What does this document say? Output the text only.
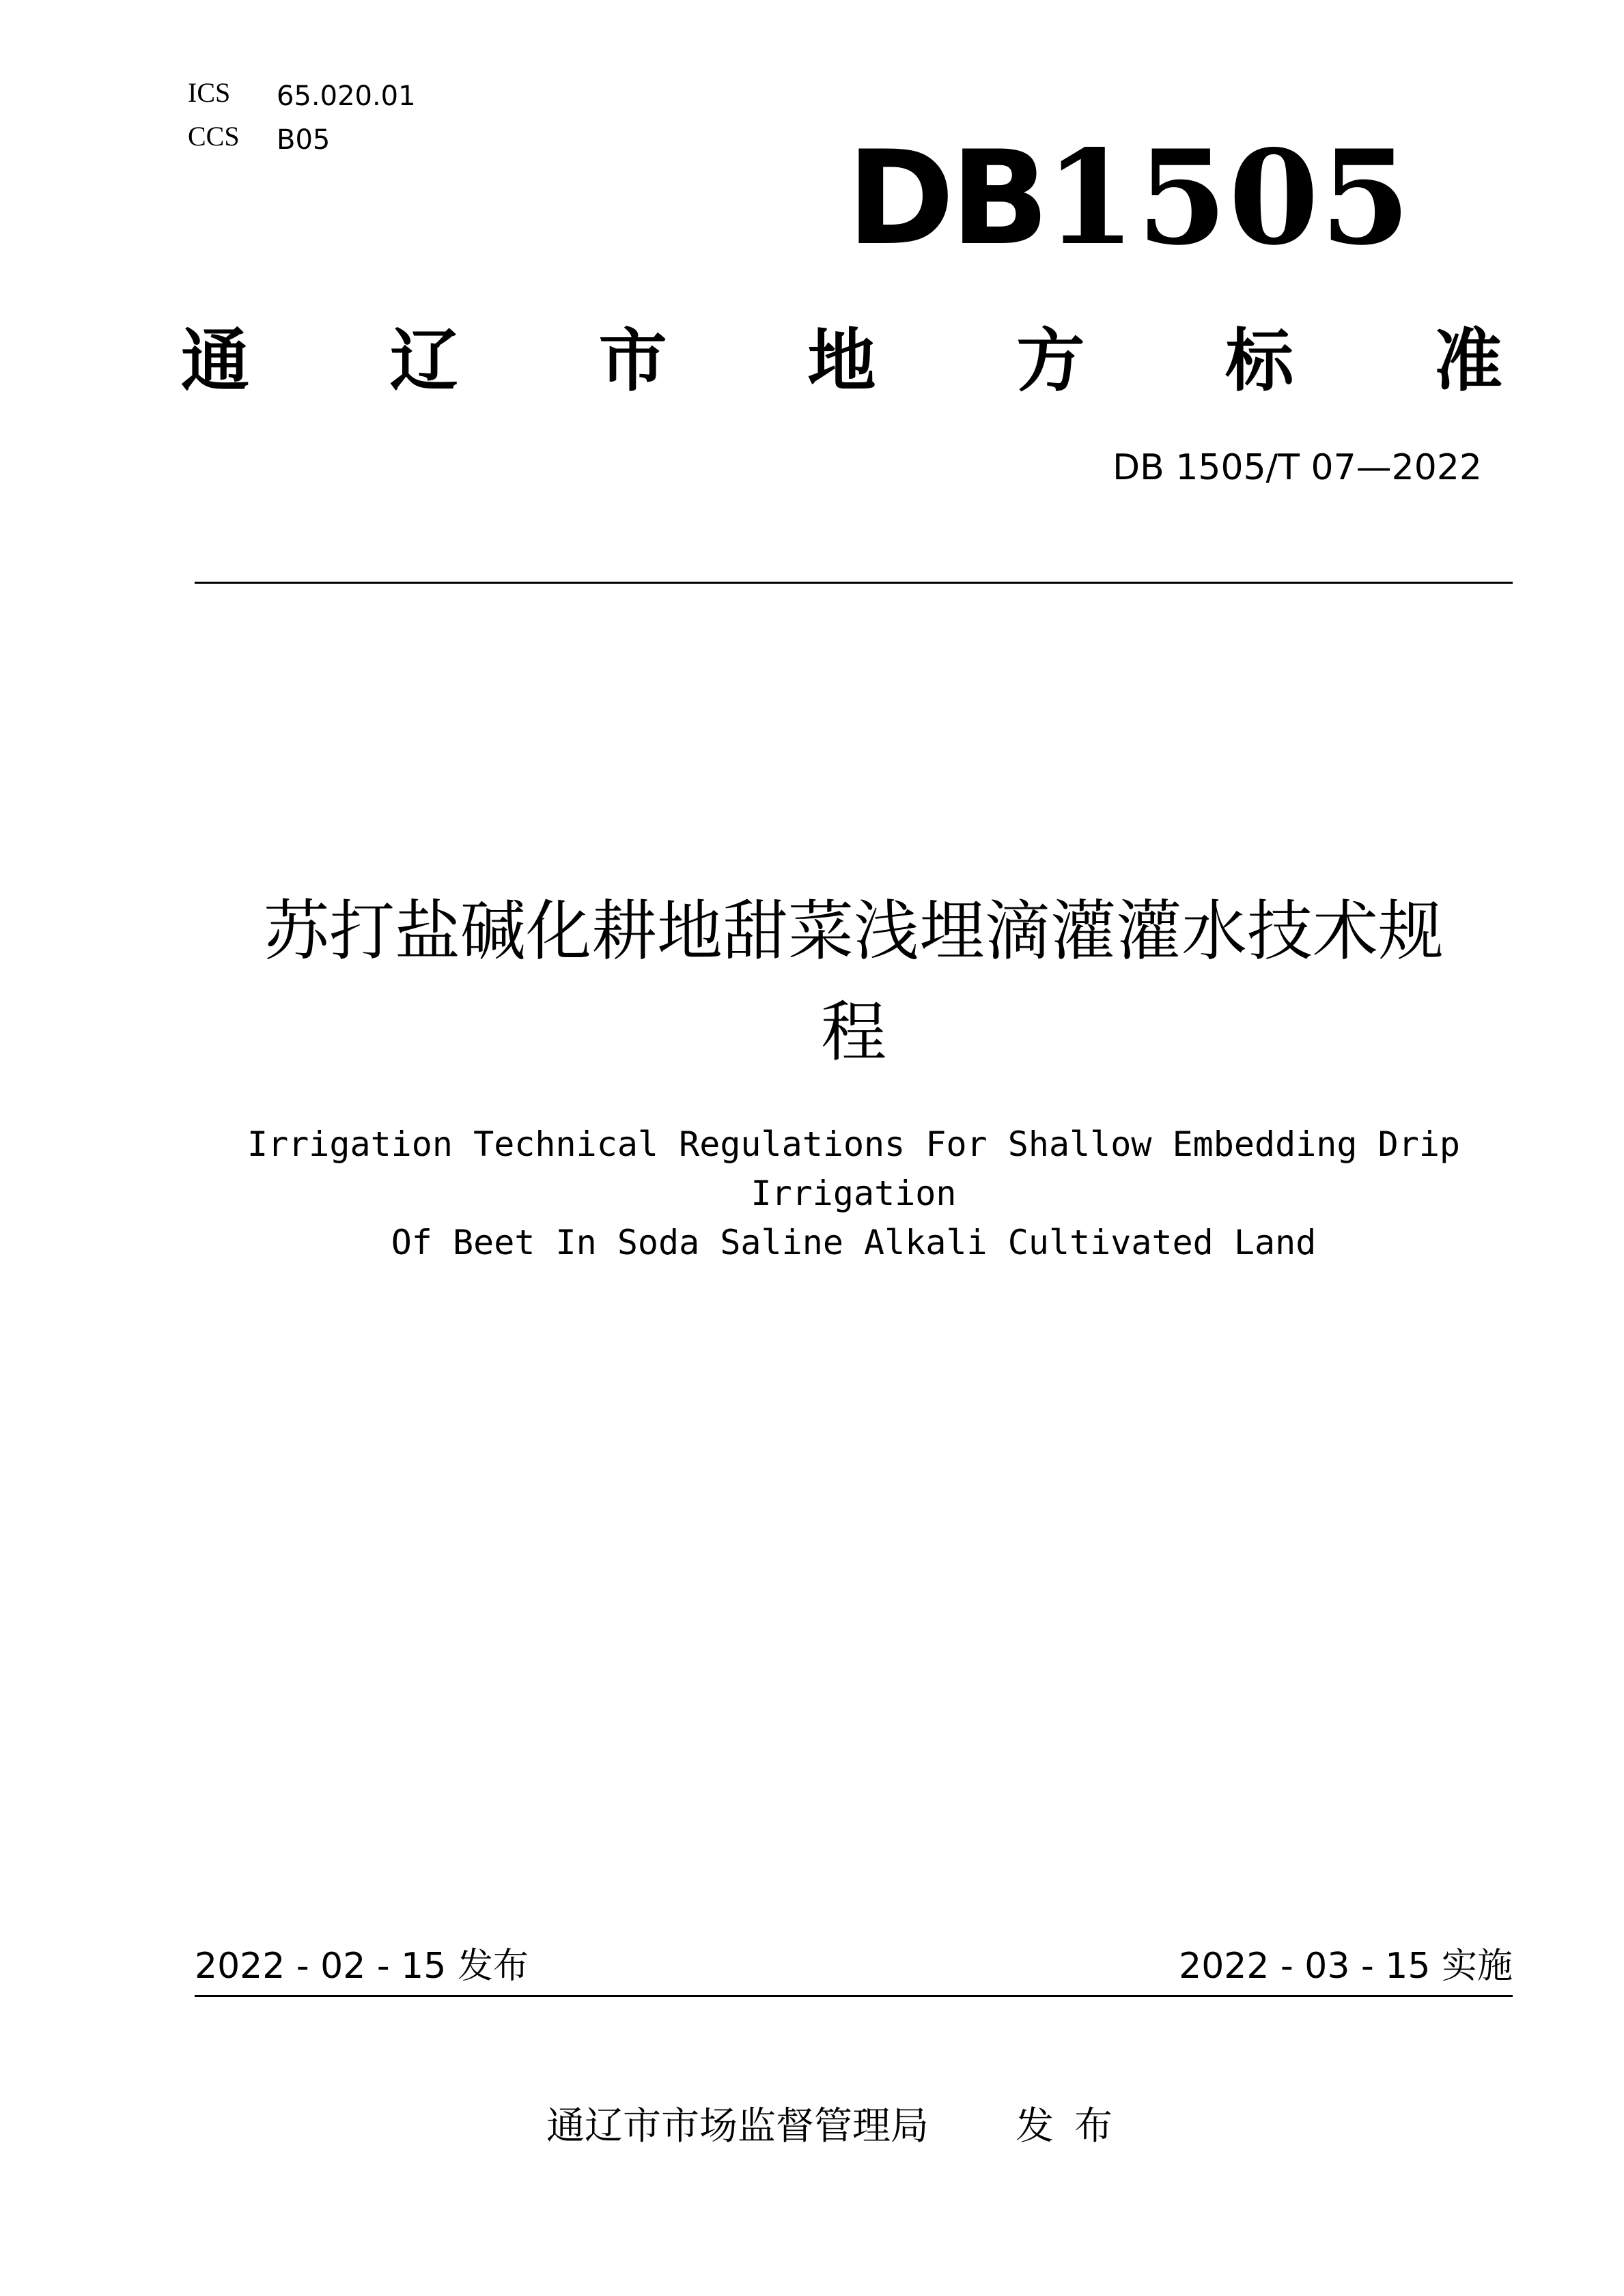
ICS 65.020.01
CCS B05	DB1505
通 辽 市 地 方 标 准
DB 1505/T 07—2022
苏打盐碱化耕地甜菜浅埋滴灌灌水技术规
程
Irrigation Technical Regulations For Shallow Embedding Drip Irrigation
Of Beet In Soda Saline Alkali Cultivated Land
2022 - 02 - 15 发布	2022 - 03 - 15 实施
通辽市市场监督管理局 发布
